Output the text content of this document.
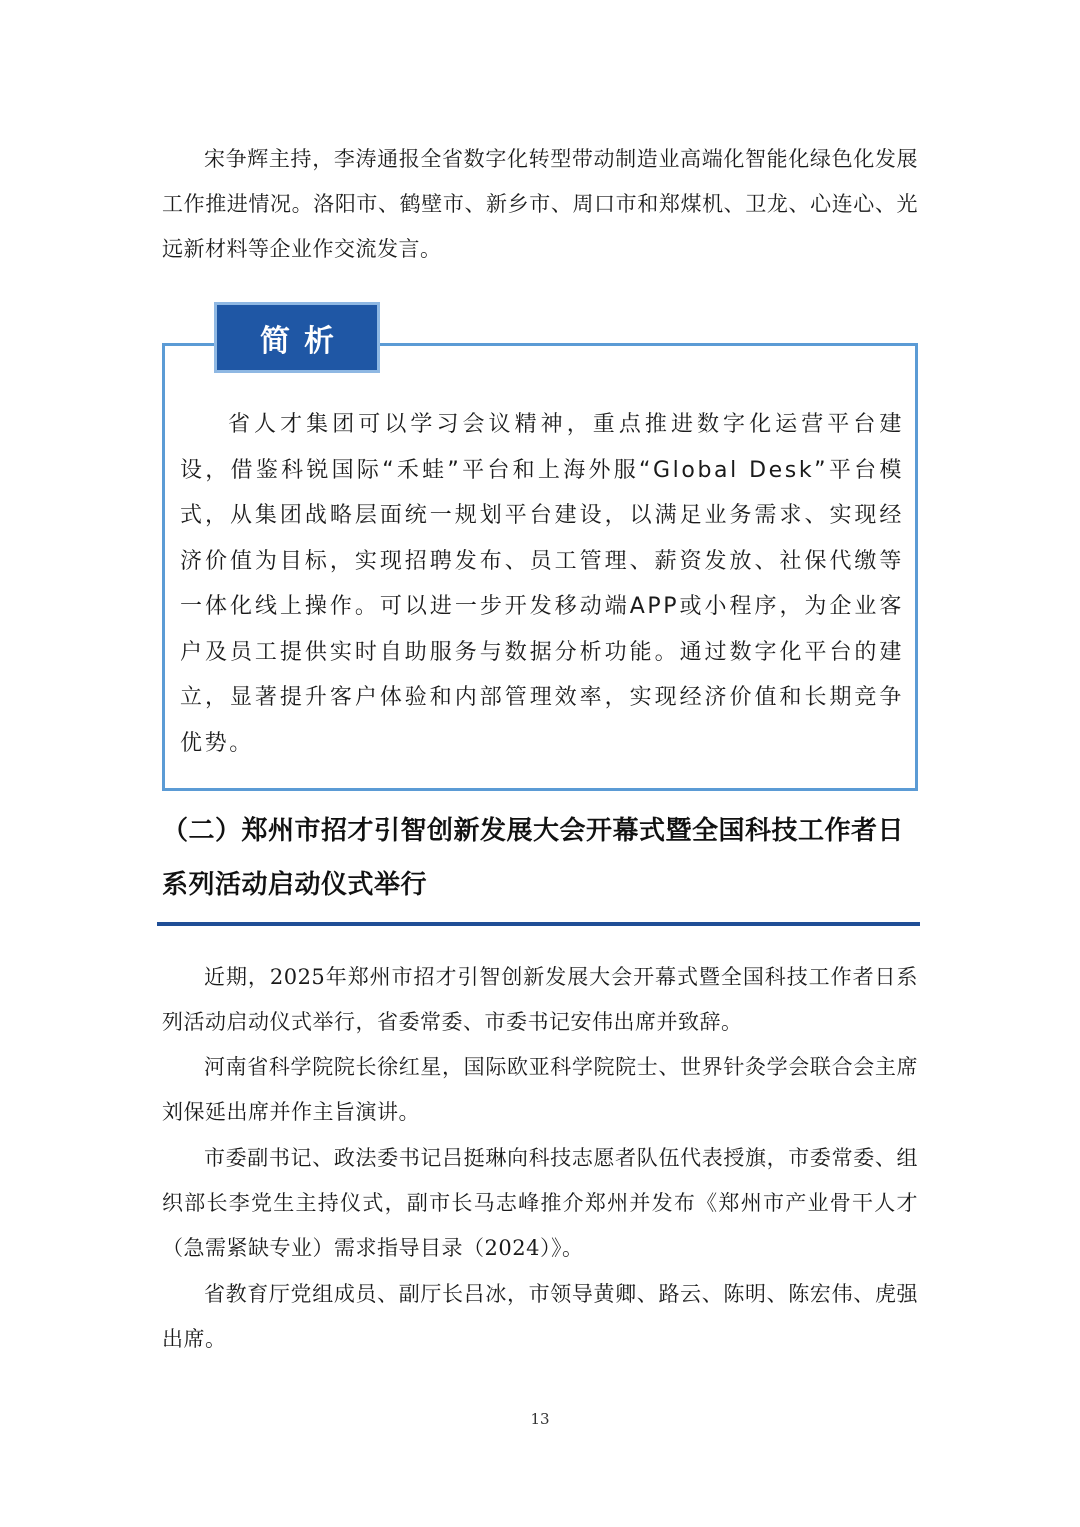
宋争辉主持，李涛通报全省数字化转型带动制造业高端化智能化绿色化发展工作推进情况。洛阳市、鹤壁市、新乡市、周口市和郑煤机、卫龙、心连心、光远新材料等企业作交流发言。

简析

省人才集团可以学习会议精神，重点推进数字化运营平台建设，借鉴科锐国际“禾蛙”平台和上海外服“Global Desk”平台模式，从集团战略层面统一规划平台建设，以满足业务需求、实现经济价值为目标，实现招聘发布、员工管理、薪资发放、社保代缴等一体化线上操作。可以进一步开发移动端APP或小程序，为企业客户及员工提供实时自助服务与数据分析功能。通过数字化平台的建立，显著提升客户体验和内部管理效率，实现经济价值和长期竞争优势。

（二）郑州市招才引智创新发展大会开幕式暨全国科技工作者日系列活动启动仪式举行

近期，2025年郑州市招才引智创新发展大会开幕式暨全国科技工作者日系列活动启动仪式举行，省委常委、市委书记安伟出席并致辞。

河南省科学院院长徐红星，国际欧亚科学院院士、世界针灸学会联合会主席刘保延出席并作主旨演讲。

市委副书记、政法委书记吕挺琳向科技志愿者队伍代表授旗，市委常委、组织部长李党生主持仪式，副市长马志峰推介郑州并发布《郑州市产业骨干人才（急需紧缺专业）需求指导目录（2024）》。

省教育厅党组成员、副厅长吕冰，市领导黄卿、路云、陈明、陈宏伟、虎强出席。

13
